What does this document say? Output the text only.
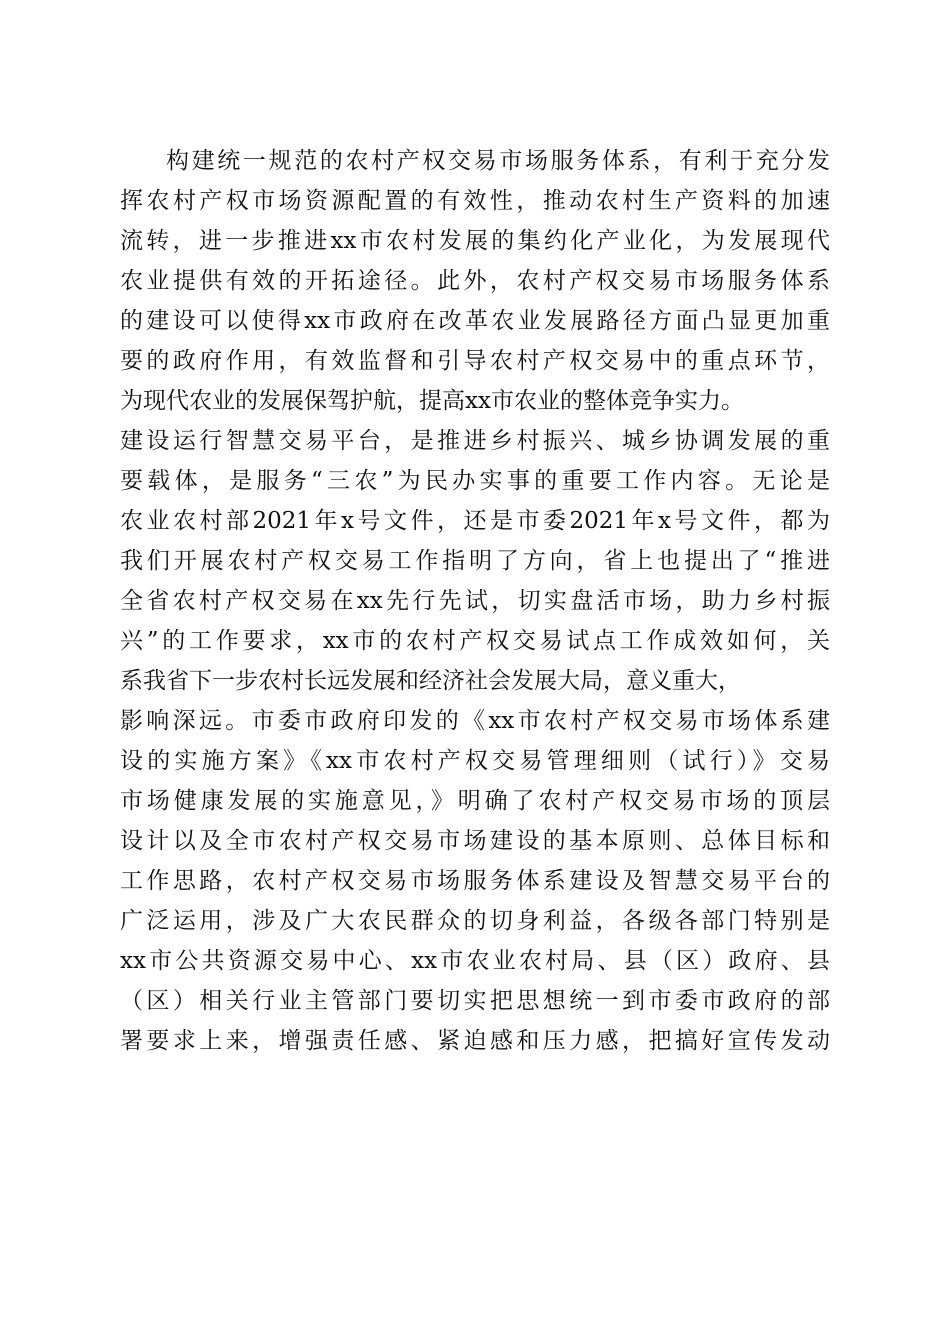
构建统一规范的农村产权交易市场服务体系，有利于充分发
挥农村产权市场资源配置的有效性，推动农村生产资料的加速
流转，进一步推进xx市农村发展的集约化产业化，为发展现代
农业提供有效的开拓途径。此外，农村产权交易市场服务体系
的建设可以使得xx市政府在改革农业发展路径方面凸显更加重
要的政府作用，有效监督和引导农村产权交易中的重点环节，
为现代农业的发展保驾护航，提高xx市农业的整体竞争实力。
建设运行智慧交易平台，是推进乡村振兴、城乡协调发展的重
要载体，是服务“三农”为民办实事的重要工作内容。无论是
农业农村部2021年x号文件，还是市委2021年x号文件，都为
我们开展农村产权交易工作指明了方向，省上也提出了“推进
全省农村产权交易在xx先行先试，切实盘活市场，助力乡村振
兴”的工作要求，xx市的农村产权交易试点工作成效如何，关
系我省下一步农村长远发展和经济社会发展大局，意义重大，
影响深远。市委市政府印发的《xx市农村产权交易市场体系建
设的实施方案》《xx市农村产权交易管理细则（试行）》交易
市场健康发展的实施意见，》明确了农村产权交易市场的顶层
设计以及全市农村产权交易市场建设的基本原则、总体目标和
工作思路，农村产权交易市场服务体系建设及智慧交易平台的
广泛运用，涉及广大农民群众的切身利益，各级各部门特别是
xx市公共资源交易中心、xx市农业农村局、县（区）政府、县
（区）相关行业主管部门要切实把思想统一到市委市政府的部
署要求上来，增强责任感、紧迫感和压力感，把搞好宣传发动
